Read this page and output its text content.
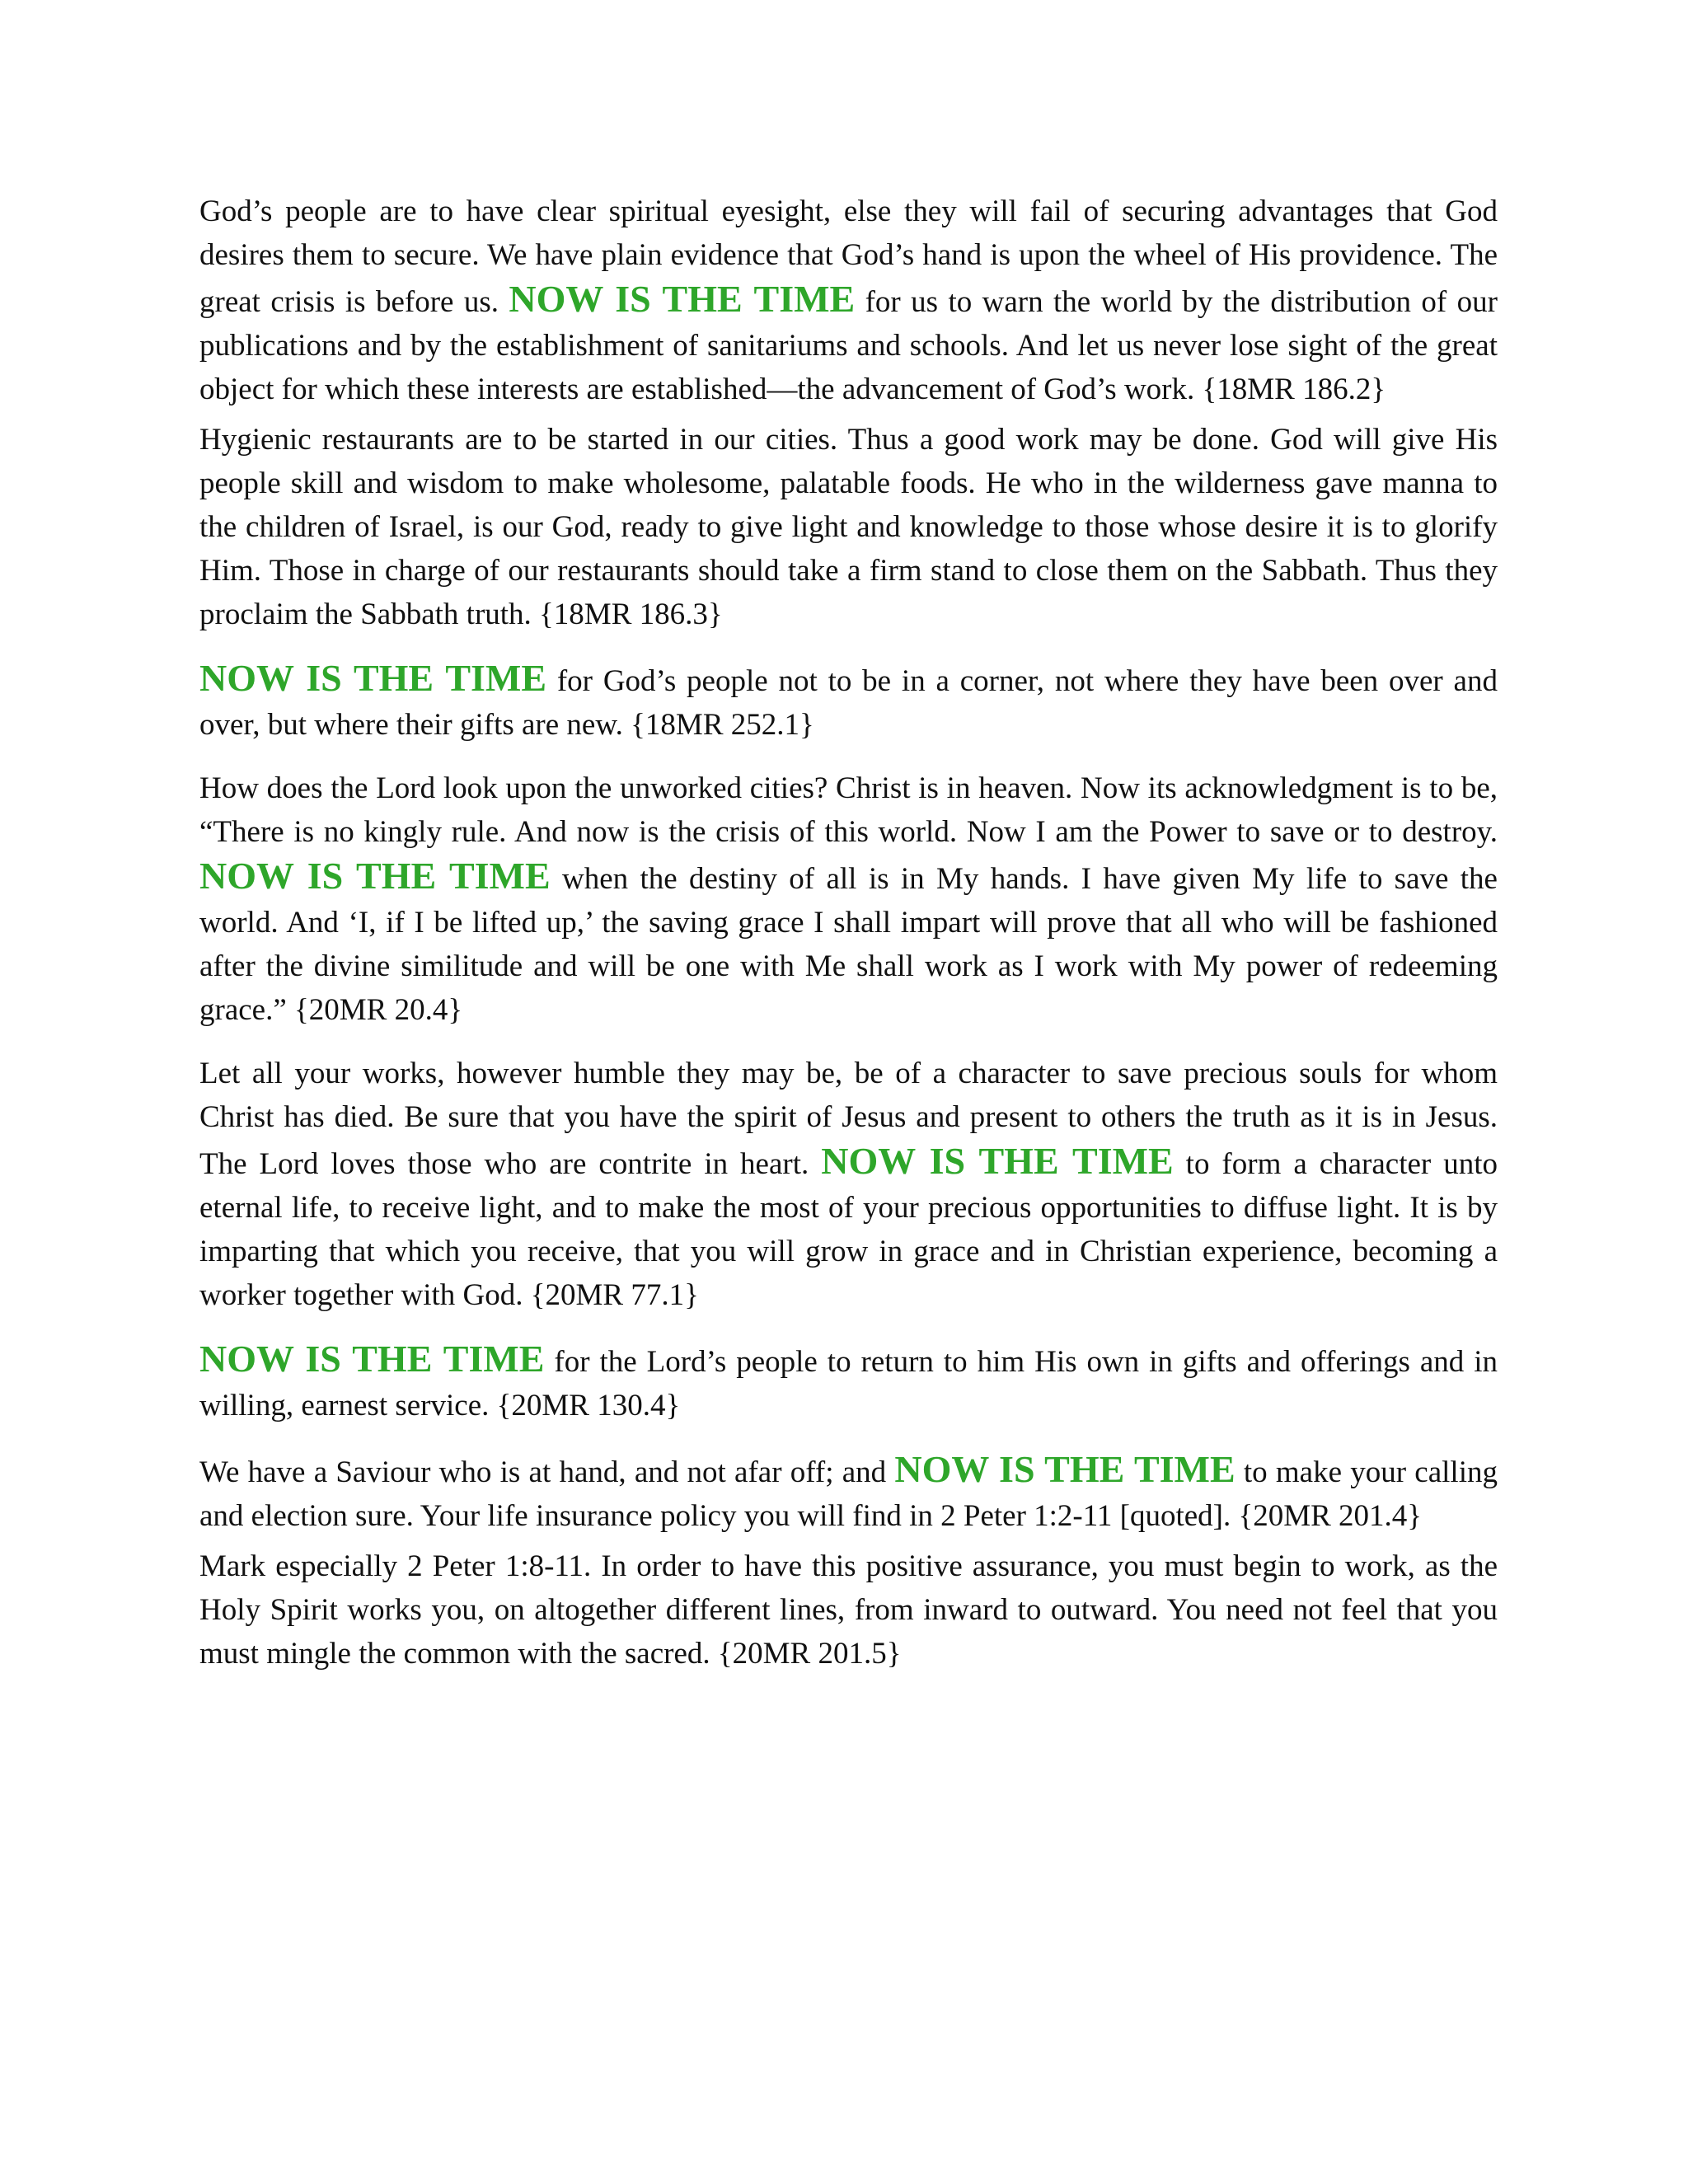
God’s people are to have clear spiritual eyesight, else they will fail of securing advantages that God desires them to secure. We have plain evidence that God’s hand is upon the wheel of His providence. The great crisis is before us. NOW IS THE TIME for us to warn the world by the distribution of our publications and by the establishment of sanitariums and schools. And let us never lose sight of the great object for which these interests are established—the advancement of God’s work. {18MR 186.2}

Hygienic restaurants are to be started in our cities. Thus a good work may be done. God will give His people skill and wisdom to make wholesome, palatable foods. He who in the wilderness gave manna to the children of Israel, is our God, ready to give light and knowledge to those whose desire it is to glorify Him. Those in charge of our restaurants should take a firm stand to close them on the Sabbath. Thus they proclaim the Sabbath truth. {18MR 186.3}

NOW IS THE TIME for God’s people not to be in a corner, not where they have been over and over, but where their gifts are new. {18MR 252.1}

How does the Lord look upon the unworked cities? Christ is in heaven. Now its acknowledgment is to be, “There is no kingly rule. And now is the crisis of this world. Now I am the Power to save or to destroy. NOW IS THE TIME when the destiny of all is in My hands. I have given My life to save the world. And ‘I, if I be lifted up,’ the saving grace I shall impart will prove that all who will be fashioned after the divine similitude and will be one with Me shall work as I work with My power of redeeming grace.” {20MR 20.4}

Let all your works, however humble they may be, be of a character to save precious souls for whom Christ has died. Be sure that you have the spirit of Jesus and present to others the truth as it is in Jesus. The Lord loves those who are contrite in heart. NOW IS THE TIME to form a character unto eternal life, to receive light, and to make the most of your precious opportunities to diffuse light. It is by imparting that which you receive, that you will grow in grace and in Christian experience, becoming a worker together with God. {20MR 77.1}

NOW IS THE TIME for the Lord’s people to return to him His own in gifts and offerings and in willing, earnest service. {20MR 130.4}

We have a Saviour who is at hand, and not afar off; and NOW IS THE TIME to make your calling and election sure. Your life insurance policy you will find in 2 Peter 1:2-11 [quoted]. {20MR 201.4}

Mark especially 2 Peter 1:8-11. In order to have this positive assurance, you must begin to work, as the Holy Spirit works you, on altogether different lines, from inward to outward. You need not feel that you must mingle the common with the sacred. {20MR 201.5}
